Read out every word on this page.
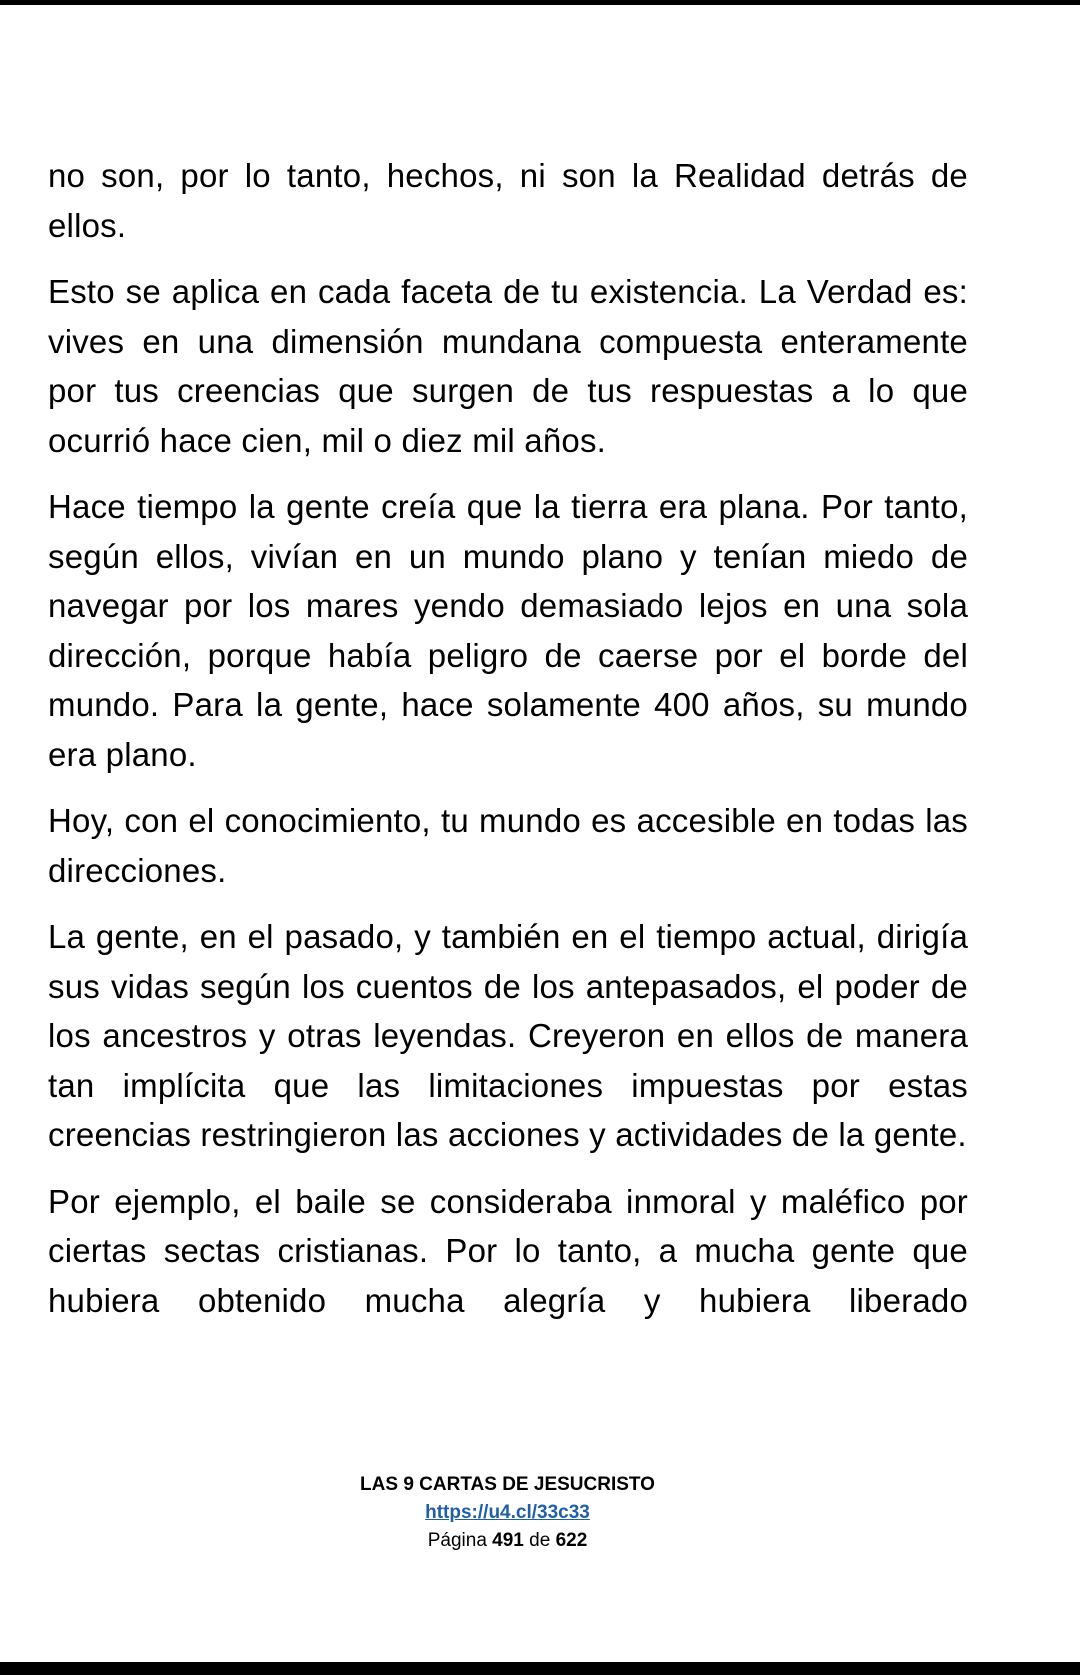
no son, por lo tanto, hechos, ni son la Realidad detrás de ellos.

Esto se aplica en cada faceta de tu existencia. La Verdad es: vives en una dimensión mundana compuesta enteramente por tus creencias que surgen de tus respuestas a lo que ocurrió hace cien, mil o diez mil años.

Hace tiempo la gente creía que la tierra era plana. Por tanto, según ellos, vivían en un mundo plano y tenían miedo de navegar por los mares yendo demasiado lejos en una sola dirección, porque había peligro de caerse por el borde del mundo. Para la gente, hace solamente 400 años, su mundo era plano.

Hoy, con el conocimiento, tu mundo es accesible en todas las direcciones.

La gente, en el pasado, y también en el tiempo actual, dirigía sus vidas según los cuentos de los antepasados, el poder de los ancestros y otras leyendas. Creyeron en ellos de manera tan implícita que las limitaciones impuestas por estas creencias restringieron las acciones y actividades de la gente.

Por ejemplo, el baile se consideraba inmoral y maléfico por ciertas sectas cristianas. Por lo tanto, a mucha gente que hubiera obtenido mucha alegría y hubiera liberado

LAS 9 CARTAS DE JESUCRISTO
https://u4.cl/33c33
Página 491 de 622
